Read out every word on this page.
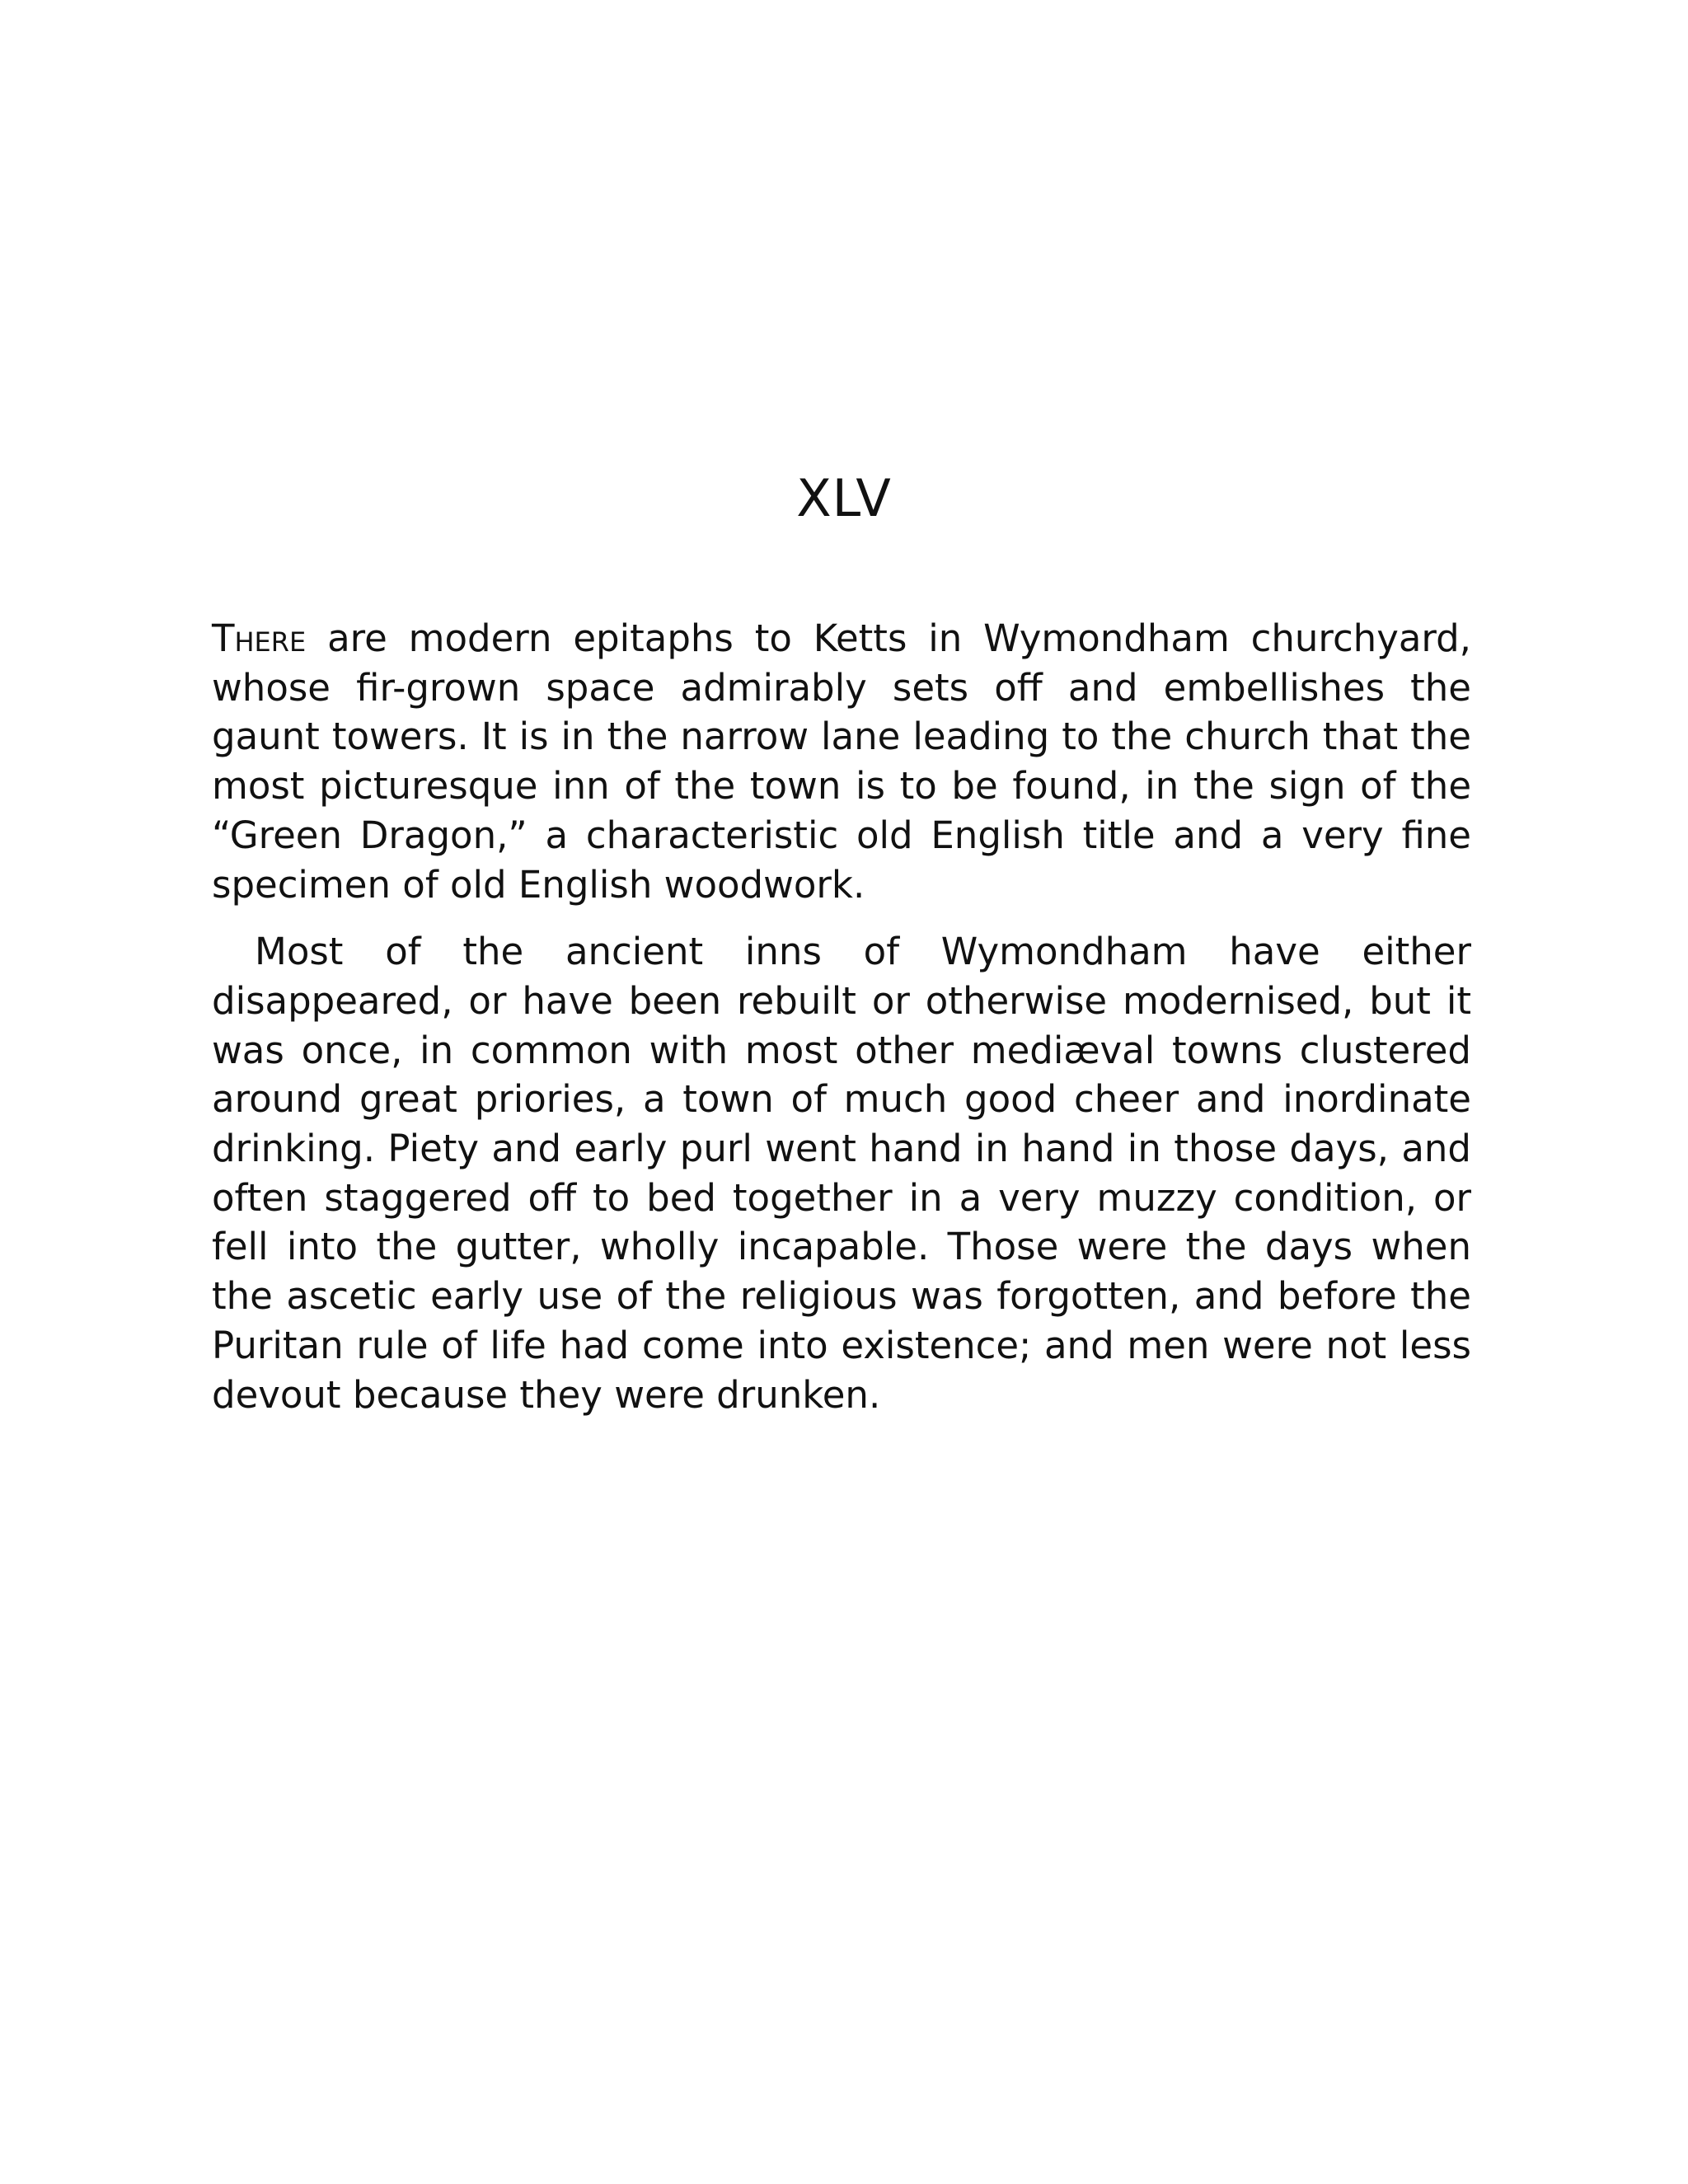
XLV

There are modern epitaphs to Ketts in Wymondham churchyard, whose fir-grown space admirably sets off and embellishes the gaunt towers. It is in the narrow lane leading to the church that the most picturesque inn of the town is to be found, in the sign of the “Green Dragon,” a characteristic old English title and a very fine specimen of old English woodwork.

Most of the ancient inns of Wymondham have either disappeared, or have been rebuilt or otherwise modernised, but it was once, in common with most other mediæval towns clustered around great priories, a town of much good cheer and inordinate drinking. Piety and early purl went hand in hand in those days, and often staggered off to bed together in a very muzzy condition, or fell into the gutter, wholly incapable. Those were the days when the ascetic early use of the religious was forgotten, and before the Puritan rule of life had come into existence; and men were not less devout because they were drunken.
